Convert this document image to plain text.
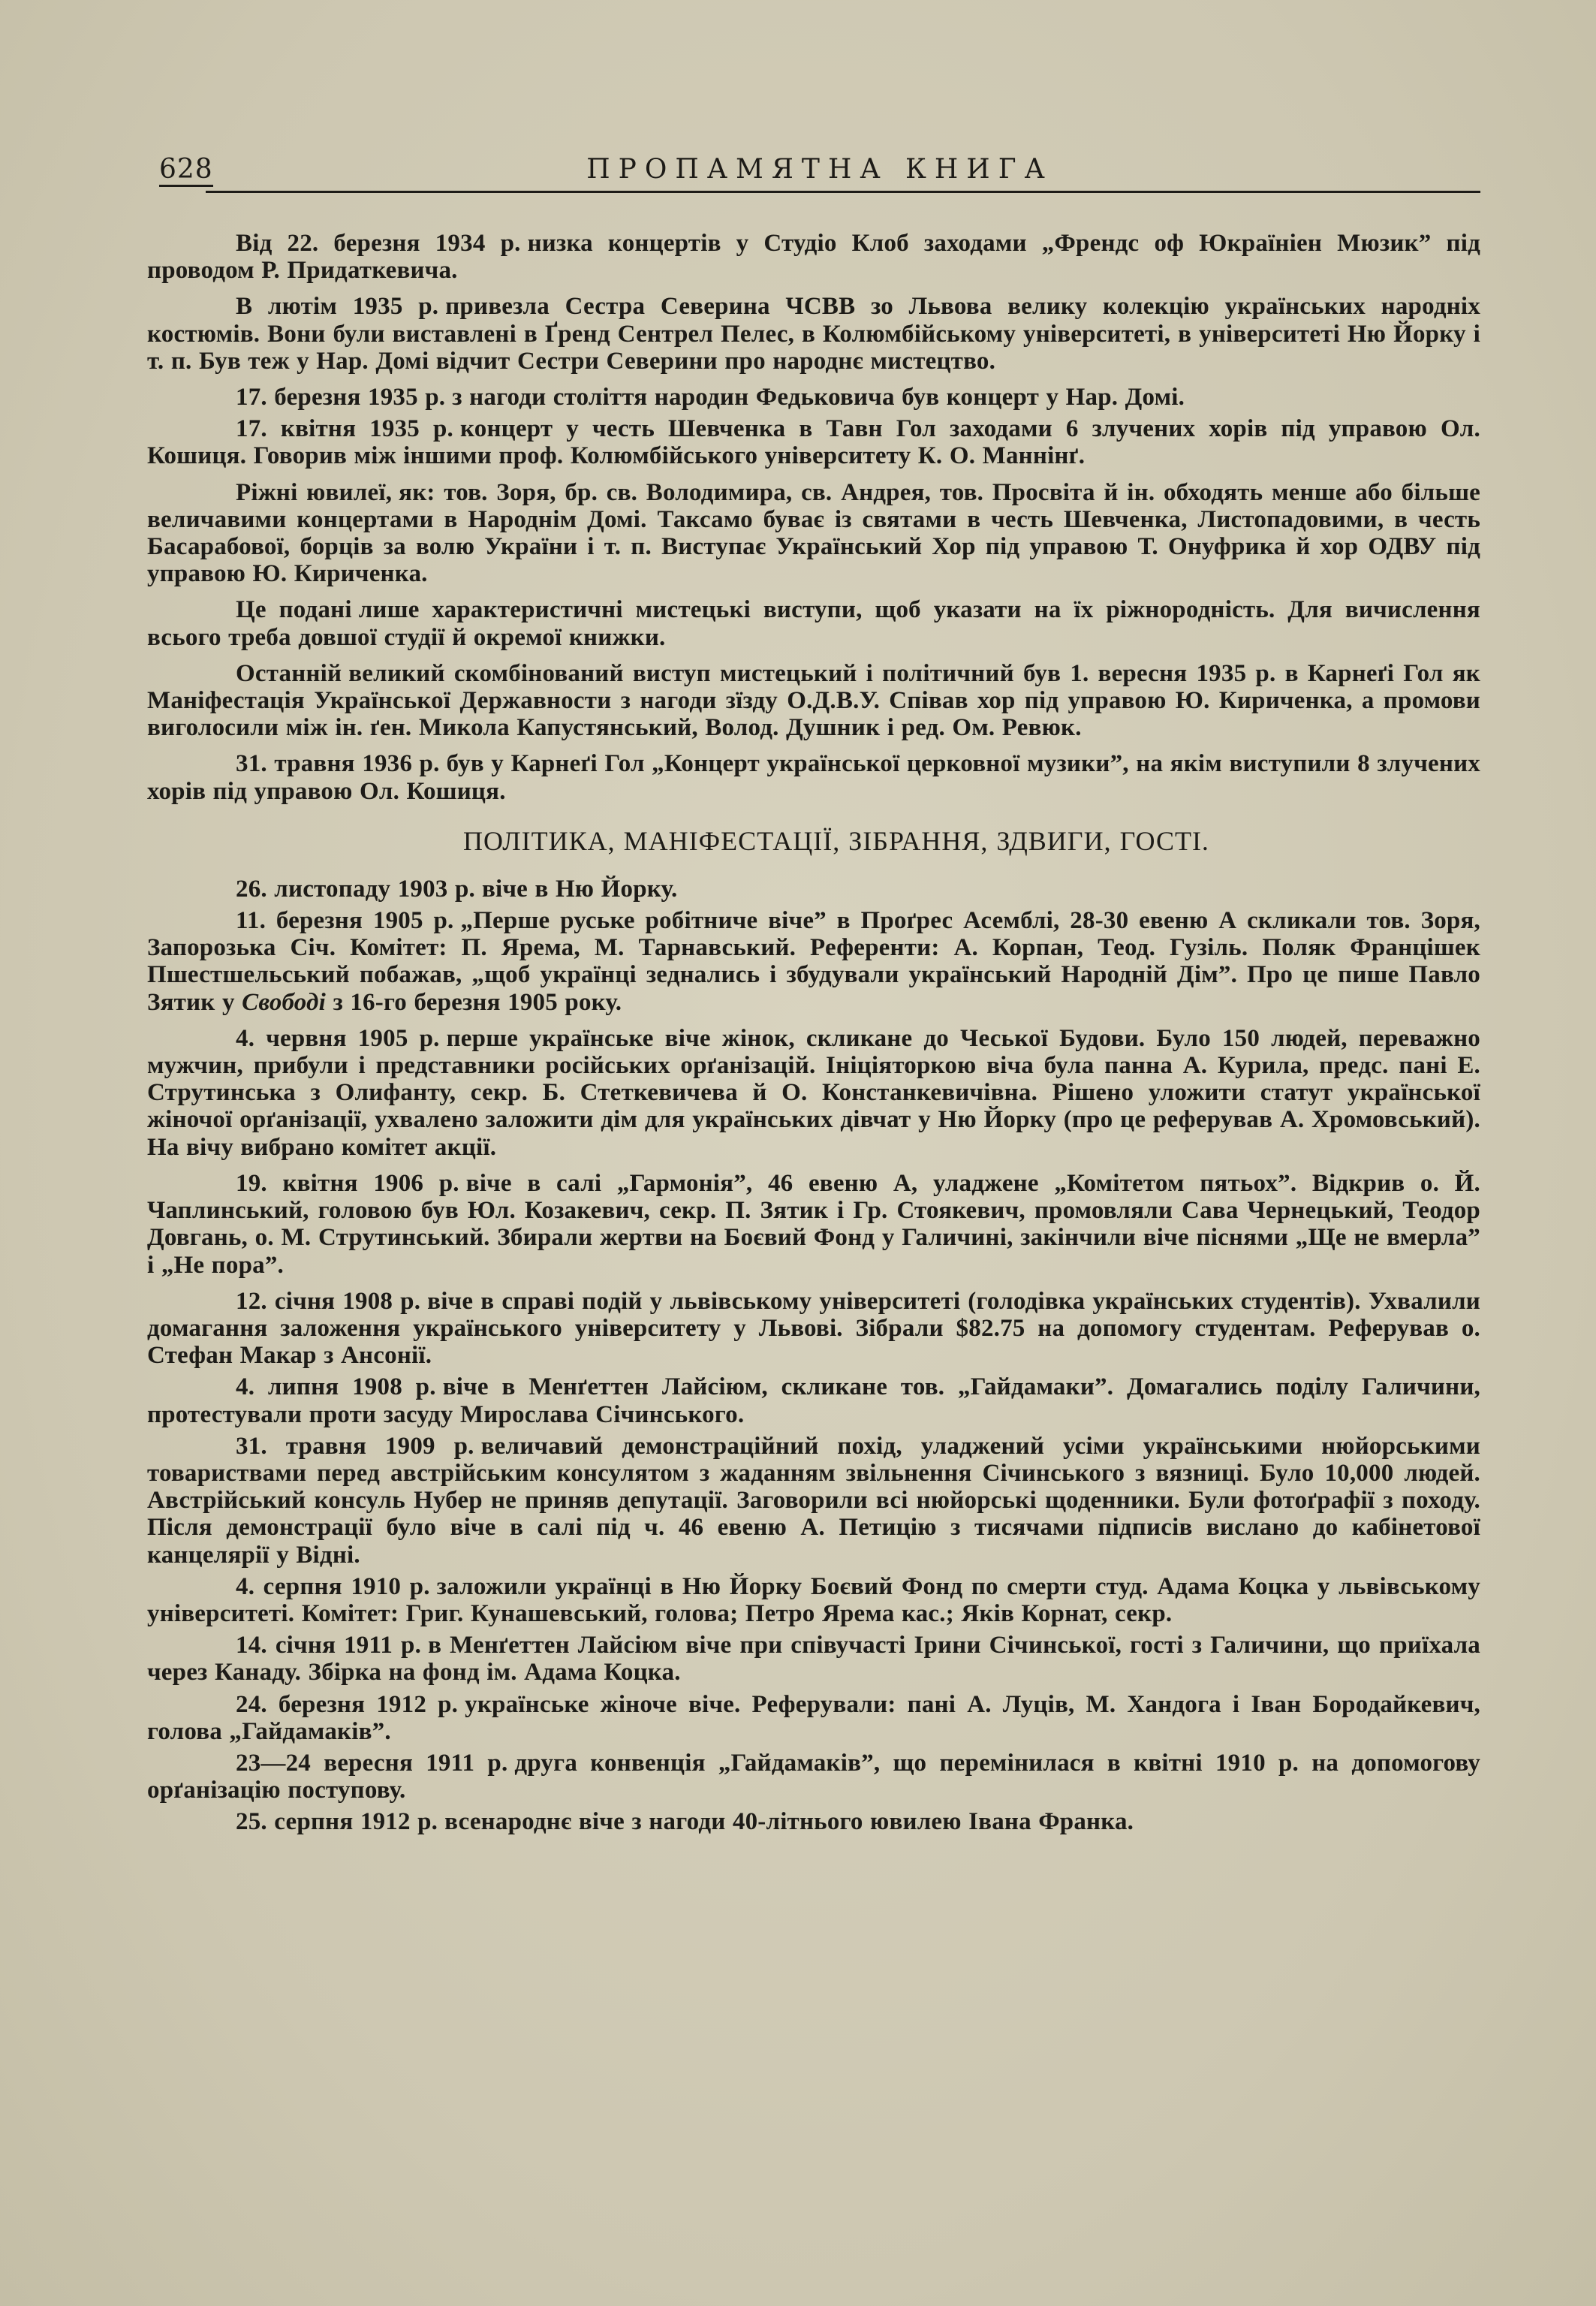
628	ПРОПАМЯТНА КНИГА

Від 22. березня 1934 р. низка концертів у Студіо Клоб заходами „Френдс оф Юкраїніен Мюзик” під проводом Р. Придаткевича.

В лютім 1935 р. привезла Сестра Северина ЧСВВ зо Львова велику колекцію українських народніх костюмів. Вони були виставлені в Ґренд Сентрел Пелес, в Колюмбійському університеті, в університеті Ню Йорку і т. п. Був теж у Нар. Домі відчит Сестри Северини про народнє мистецтво.

17. березня 1935 р. з нагоди століття народин Федьковича був концерт у Нар. Домі.

17. квітня 1935 р. концерт у честь Шевченка в Тавн Гол заходами 6 злучених хорів під управою Ол. Кошиця. Говорив між іншими проф. Колюмбійського університету К. О. Маннінґ.

Ріжні ювилеї, як: тов. Зоря, бр. св. Володимира, св. Андрея, тов. Просвіта й ін. обходять менше або більше величавими концертами в Народнім Домі. Таксамо буває із святами в честь Шевченка, Листопадовими, в честь Басарабової, борців за волю України і т. п. Виступає Український Хор під управою Т. Онуфрика й хор ОДВУ під управою Ю. Кириченка.

Це подані лише характеристичні мистецькі виступи, щоб указати на їх ріжнородність. Для вичислення всього треба довшої студії й окремої книжки.

Останній великий скомбінований виступ мистецький і політичний був 1. вересня 1935 р. в Карнеґі Гол як Маніфестація Української Державности з нагоди зїзду О.Д.В.У. Співав хор під управою Ю. Кириченка, а промови виголосили між ін. ґен. Микола Капустянський, Волод. Душник і ред. Ом. Ревюк.

31. травня 1936 р. був у Карнеґі Гол „Концерт української церковної музики”, на якім виступили 8 злучених хорів під управою Ол. Кошиця.

ПОЛІТИКА, МАНІФЕСТАЦІЇ, ЗІБРАННЯ, ЗДВИГИ, ГОСТІ.

26. листопаду 1903 р. віче в Ню Йорку.

11. березня 1905 р. „Перше руське робітниче віче” в Проґрес Асемблі, 28-30 евеню А скликали тов. Зоря, Запорозька Січ. Комітет: П. Ярема, М. Тарнавський. Референти: А. Корпан, Теод. Гузіль. Поляк Францішек Пшестшельський побажав, „щоб українці зеднались і збудували український Народній Дім”. Про це пише Павло Зятик у Свободі з 16-го березня 1905 року.

4. червня 1905 р. перше українське віче жінок, скликане до Чеської Будови. Було 150 людей, переважно мужчин, прибули і представники російських орґанізацій. Ініціяторкою віча була панна А. Курила, предс. пані Е. Струтинська з Олифанту, секр. Б. Стеткевичева й О. Констанкевичівна. Рішено уложити статут української жіночої орґанізації, ухвалено заложити дім для українських дівчат у Ню Йорку (про це реферував А. Хромовський). На вічу вибрано комітет акції.

19. квітня 1906 р. віче в салі „Гармонія”, 46 евеню А, уладжене „Комітетом пятьох”. Відкрив о. Й. Чаплинський, головою був Юл. Козакевич, секр. П. Зятик і Гр. Стоякевич, промовляли Сава Чернецький, Теодор Довгань, о. М. Струтинський. Збирали жертви на Боєвий Фонд у Галичині, закінчили віче піснями „Ще не вмерла” і „Не пора”.

12. січня 1908 р. віче в справі подій у львівському університеті (голодівка українських студентів). Ухвалили домагання заложення українського університету у Львові. Зібрали $82.75 на допомогу студентам. Реферував о. Стефан Макар з Ансонії.

4. липня 1908 р. віче в Менґеттен Лайсіюм, скликане тов. „Гайдамаки”. Домагались поділу Галичини, протестували проти засуду Мирослава Січинського.

31. травня 1909 р. величавий демонстраційний похід, уладжений усіми українськими нюйорськими товариствами перед австрійським консулятом з жаданням звільнення Січинського з вязниці. Було 10,000 людей. Австрійський консуль Нубер не приняв депутації. Заговорили всі нюйорські щоденники. Були фотоґрафії з походу. Після демонстрації було віче в салі під ч. 46 евеню А. Петицію з тисячами підписів вислано до кабінетової канцелярії у Відні.

4. серпня 1910 р. заложили українці в Ню Йорку Боєвий Фонд по смерти студ. Адама Коцка у львівському університеті. Комітет: Григ. Кунашевський, голова; Петро Ярема кас.; Яків Корнат, секр.

14. січня 1911 р. в Менґеттен Лайсіюм віче при співучасті Ірини Січинської, гості з Галичини, що приїхала через Канаду. Збірка на фонд ім. Адама Коцка.

24. березня 1912 р. українське жіноче віче. Реферували: пані А. Луців, М. Хандога і Іван Бородайкевич, голова „Гайдамаків”.

23—24 вересня 1911 р. друга конвенція „Гайдамаків”, що перемінилася в квітні 1910 р. на допомогову орґанізацію поступову.

25. серпня 1912 р. всенароднє віче з нагоди 40-літнього ювилею Івана Франка.
